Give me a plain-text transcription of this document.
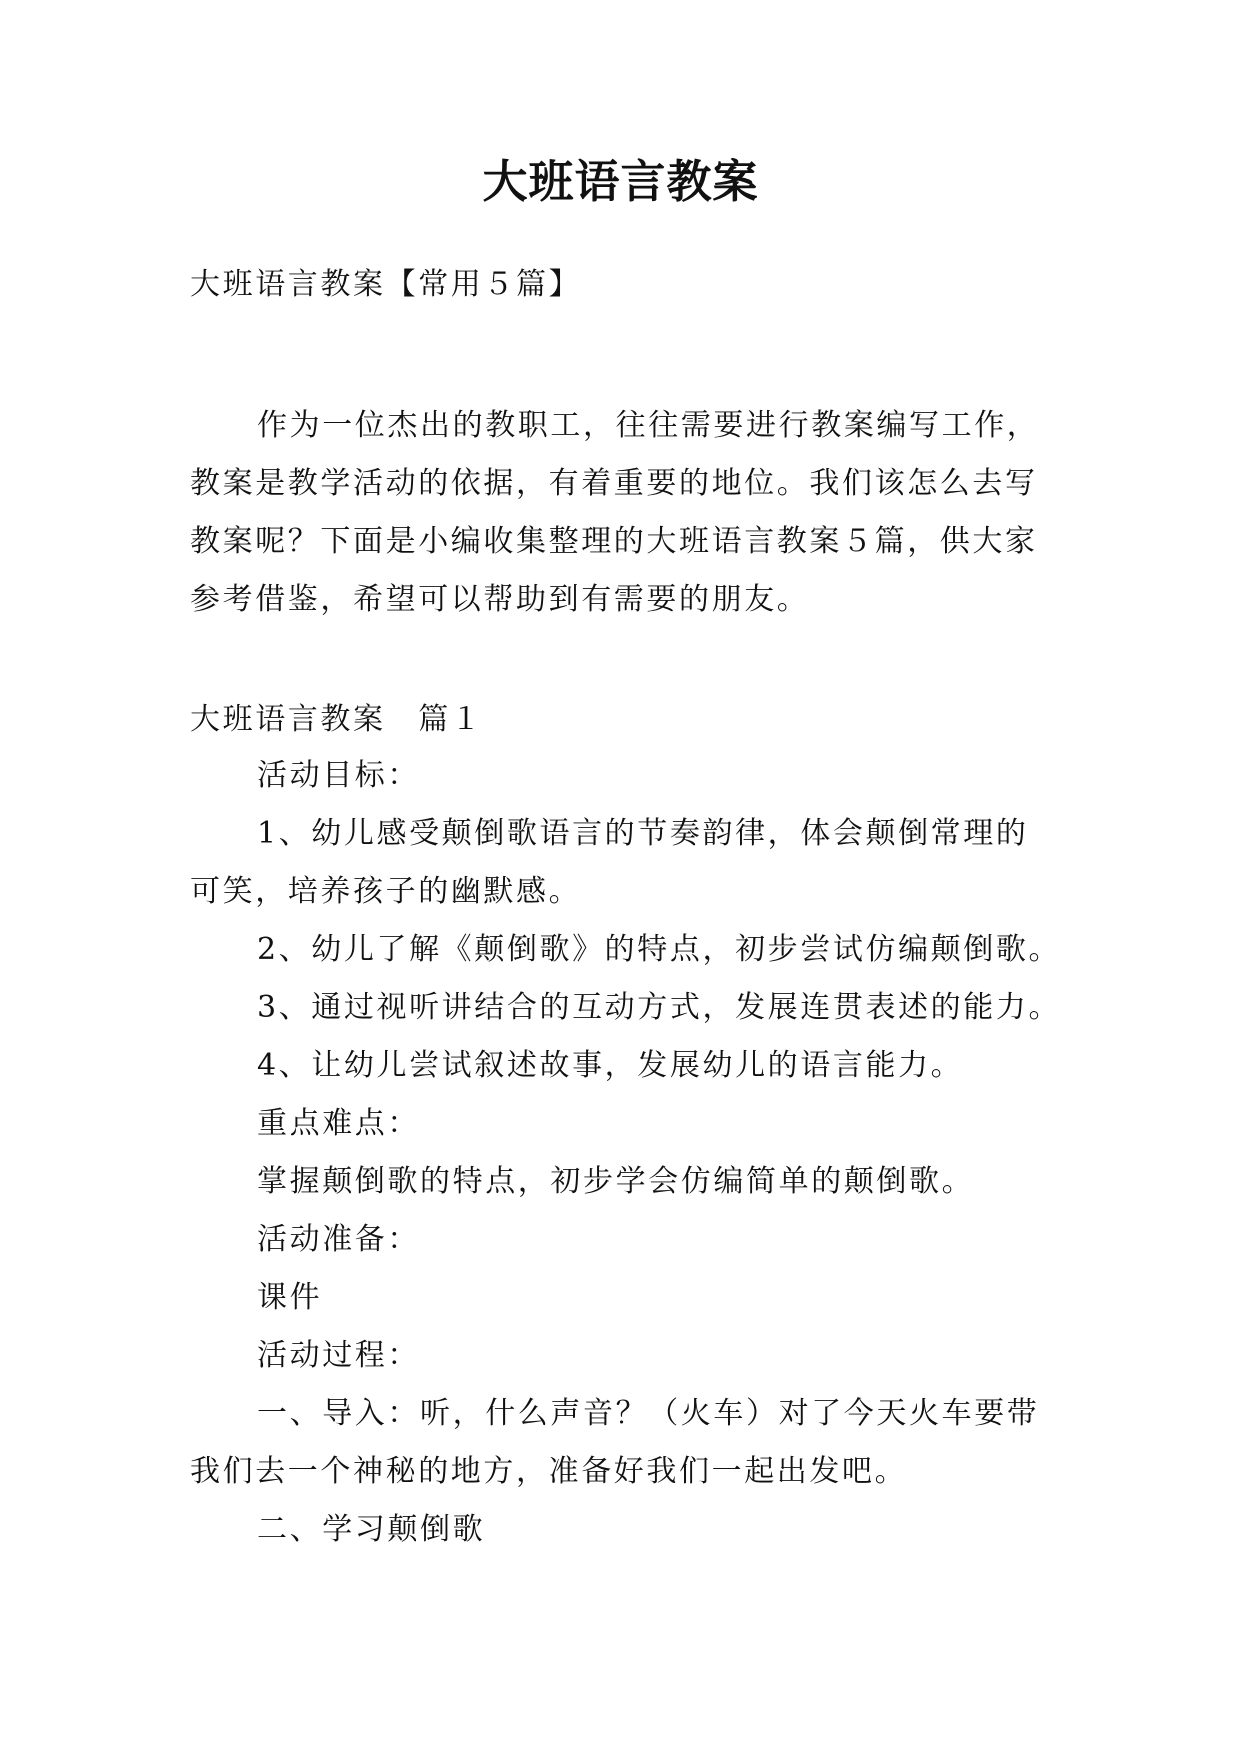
大班语言教案
大班语言教案【常用５篇】
作为一位杰出的教职工，往往需要进行教案编写工作，
教案是教学活动的依据，有着重要的地位。我们该怎么去写
教案呢？下面是小编收集整理的大班语言教案５篇，供大家
参考借鉴，希望可以帮助到有需要的朋友。
大班语言教案　篇１
活动目标：
1、幼儿感受颠倒歌语言的节奏韵律，体会颠倒常理的
可笑，培养孩子的幽默感。
2、幼儿了解《颠倒歌》的特点，初步尝试仿编颠倒歌。
3、通过视听讲结合的互动方式，发展连贯表述的能力。
4、让幼儿尝试叙述故事，发展幼儿的语言能力。
重点难点：
掌握颠倒歌的特点，初步学会仿编简单的颠倒歌。
活动准备：
课件
活动过程：
一、导入：听，什么声音？（火车）对了今天火车要带
我们去一个神秘的地方，准备好我们一起出发吧。
二、学习颠倒歌
